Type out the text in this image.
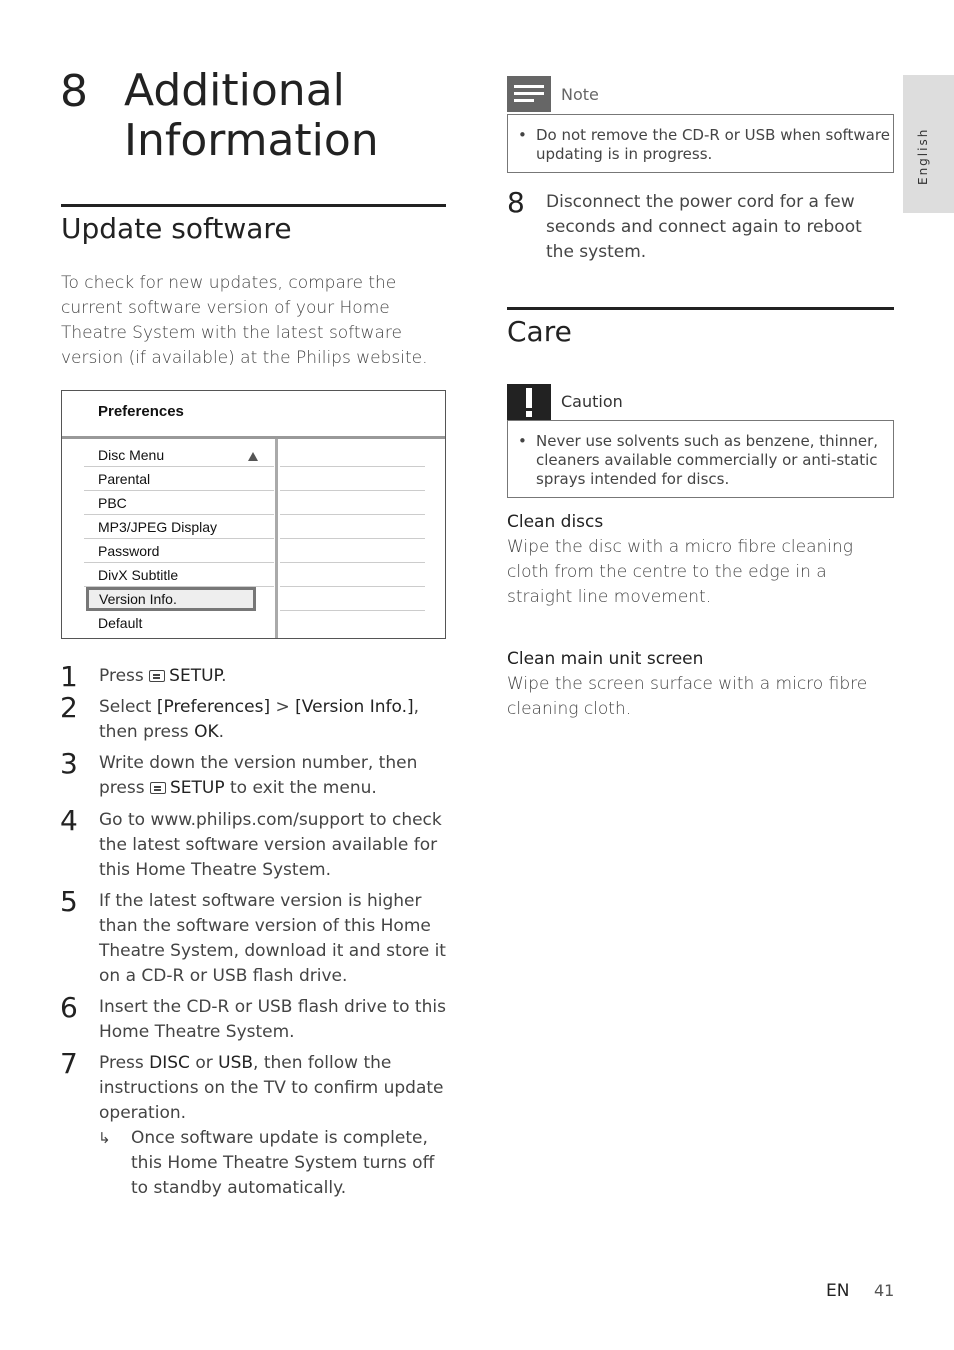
English
8 Additional Information
Update software
To check for new updates, compare the current software version of your Home Theatre System with the latest software version (if available) at the Philips website.
Preferences
Disc Menu
Parental
PBC
MP3/JPEG Display
Password
DivX Subtitle
Version Info.
Default
1 Press SETUP.
2 Select [Preferences] > [Version Info.], then press OK.
3 Write down the version number, then press SETUP to exit the menu.
4 Go to www.philips.com/support to check the latest software version available for this Home Theatre System.
5 If the latest software version is higher than the software version of this Home Theatre System, download it and store it on a CD-R or USB flash drive.
6 Insert the CD-R or USB flash drive to this Home Theatre System.
7 Press DISC or USB, then follow the instructions on the TV to confirm update operation.
↳ Once software update is complete, this Home Theatre System turns off to standby automatically.
Note
• Do not remove the CD-R or USB when software updating is in progress.
8 Disconnect the power cord for a few seconds and connect again to reboot the system.
Care
Caution
• Never use solvents such as benzene, thinner, cleaners available commercially or anti-static sprays intended for discs.
Clean discs
Wipe the disc with a micro fibre cleaning cloth from the centre to the edge in a straight line movement.
Clean main unit screen
Wipe the screen surface with a micro fibre cleaning cloth.
EN 41
